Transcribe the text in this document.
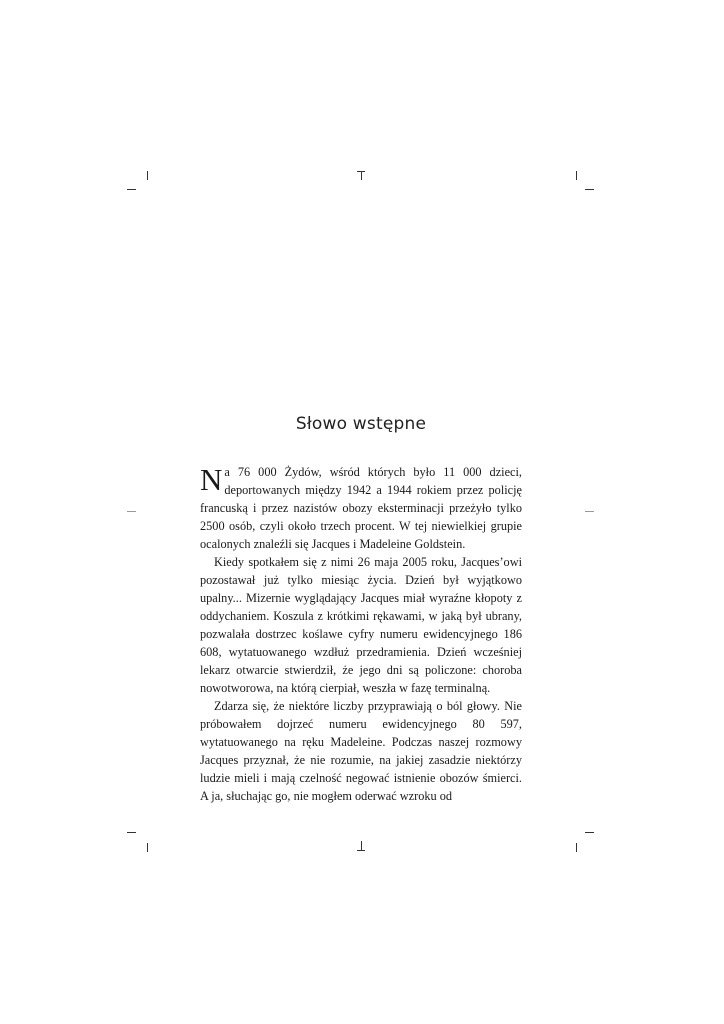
Słowo wstępne

Na 76 000 Żydów, wśród których było 11 000 dzieci, deportowanych między 1942 a 1944 rokiem przez policję francuską i przez nazistów obozy eksterminacji przeżyło tylko 2500 osób, czyli około trzech procent. W tej niewielkiej grupie ocalonych znaleźli się Jacques i Madeleine Goldstein.

Kiedy spotkałem się z nimi 26 maja 2005 roku, Jacques’owi pozostawał już tylko miesiąc życia. Dzień był wyjątkowo upalny... Mizernie wyglądający Jacques miał wyraźne kłopoty z oddychaniem. Koszula z krótkimi rękawami, w jaką był ubrany, pozwalała dostrzec koślawe cyfry numeru ewidencyjnego 186 608, wytatuowanego wzdłuż przedramienia. Dzień wcześniej lekarz otwarcie stwierdził, że jego dni są policzone: choroba nowotworowa, na którą cierpiał, weszła w fazę terminalną.

Zdarza się, że niektóre liczby przyprawiają o ból głowy. Nie próbowałem dojrzeć numeru ewidencyjnego 80 597, wytatuowanego na ręku Madeleine. Podczas naszej rozmowy Jacques przyznał, że nie rozumie, na jakiej zasadzie niektórzy ludzie mieli i mają czelność negować istnienie obozów śmierci. A ja, słuchając go, nie mogłem oderwać wzroku od
